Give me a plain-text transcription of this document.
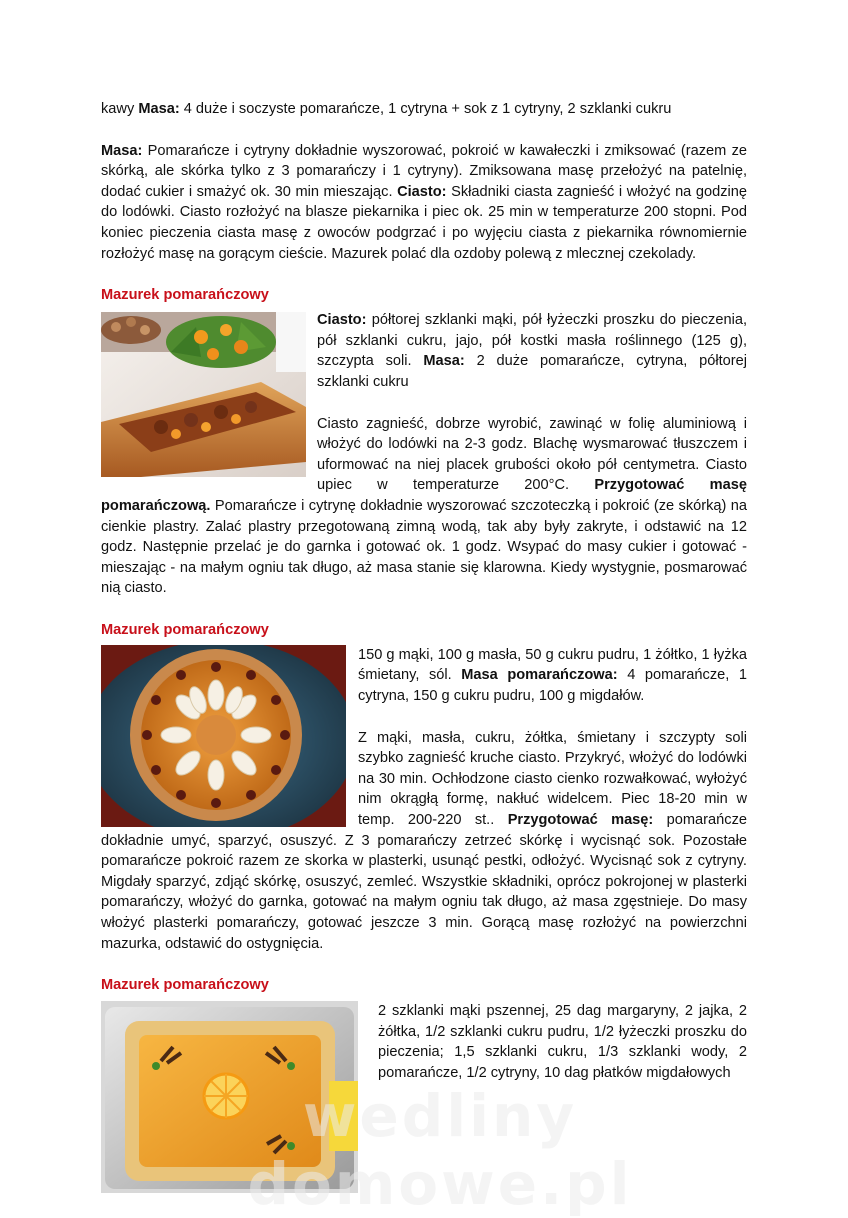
kawy Masa: 4 duże i soczyste pomarańcze, 1 cytryna + sok z 1 cytryny, 2 szklanki cukru

Masa: Pomarańcze i cytryny dokładnie wyszorować, pokroić w kawałeczki i zmiksować (razem ze skórką, ale skórka tylko z 3 pomarańczy i 1 cytryny). Zmiksowana masę przełożyć na patelnię, dodać cukier i smażyć ok. 30 min mieszając. Ciasto: Składniki ciasta zagnieść i włożyć na godzinę do lodówki. Ciasto rozłożyć na blasze piekarnika i piec ok. 25 min w temperaturze 200 stopni. Pod koniec pieczenia ciasta masę z owoców podgrzać i po wyjęciu ciasta z piekarnika równomiernie rozłożyć masę na gorącym cieście. Mazurek polać dla ozdoby polewą z mlecznej czekolady.

Mazurek pomarańczowy

Ciasto: półtorej szklanki mąki, pół łyżeczki proszku do pieczenia, pół szklanki cukru, jajo, pół kostki masła roślinnego (125 g), szczypta soli. Masa: 2 duże pomarańcze, cytryna, półtorej szklanki cukru

Ciasto zagnieść, dobrze wyrobić, zawinąć w folię aluminiową i włożyć do lodówki na 2-3 godz. Blachę wysmarować tłuszczem i uformować na niej placek grubości około pół centymetra. Ciasto upiec w temperaturze 200°C. Przygotować masę pomarańczową. Pomarańcze i cytrynę dokładnie wyszorować szczoteczką i pokroić (ze skórką) na cienkie plastry. Zalać plastry przegotowaną zimną wodą, tak aby były zakryte, i odstawić na 12 godz. Następnie przelać je do garnka i gotować ok. 1 godz. Wsypać do masy cukier i gotować - mieszając - na małym ogniu tak długo, aż masa stanie się klarowna. Kiedy wystygnie, posmarować nią ciasto.

Mazurek pomarańczowy

150 g mąki, 100 g masła, 50 g cukru pudru, 1 żółtko, 1 łyżka śmietany, sól. Masa pomarańczowa: 4 pomarańcze, 1 cytryna, 150 g cukru pudru, 100 g migdałów.

Z mąki, masła, cukru, żółtka, śmietany i szczypty soli szybko zagnieść kruche ciasto. Przykryć, włożyć do lodówki na 30 min. Ochłodzone ciasto cienko rozwałkować, wyłożyć nim okrągłą formę, nakłuć widelcem. Piec 18-20 min w temp. 200-220 st.. Przygotować masę: pomarańcze dokładnie umyć, sparzyć, osuszyć. Z 3 pomarańczy zetrzeć skórkę i wycisnąć sok. Pozostałe pomarańcze pokroić razem ze skorka w plasterki, usunąć pestki, odłożyć. Wycisnąć sok z cytryny. Migdały sparzyć, zdjąć skórkę, osuszyć, zemleć. Wszystkie składniki, oprócz pokrojonej w plasterki pomarańczy, włożyć do garnka, gotować na małym ogniu tak długo, aż masa zgęstnieje. Do masy włożyć plasterki pomarańczy, gotować jeszcze 3 min. Gorącą masę rozłożyć na powierzchni mazurka, odstawić do ostygnięcia.

Mazurek pomarańczowy

2 szklanki mąki pszennej, 25 dag margaryny, 2 jajka, 2 żółtka, 1/2 szklanki cukru pudru, 1/2 łyżeczki proszku do pieczenia; 1,5 szklanki cukru, 1/3 szklanki wody, 2 pomarańcze, 1/2 cytryny, 10 dag płatków migdałowych

wedliny domowe.pl
